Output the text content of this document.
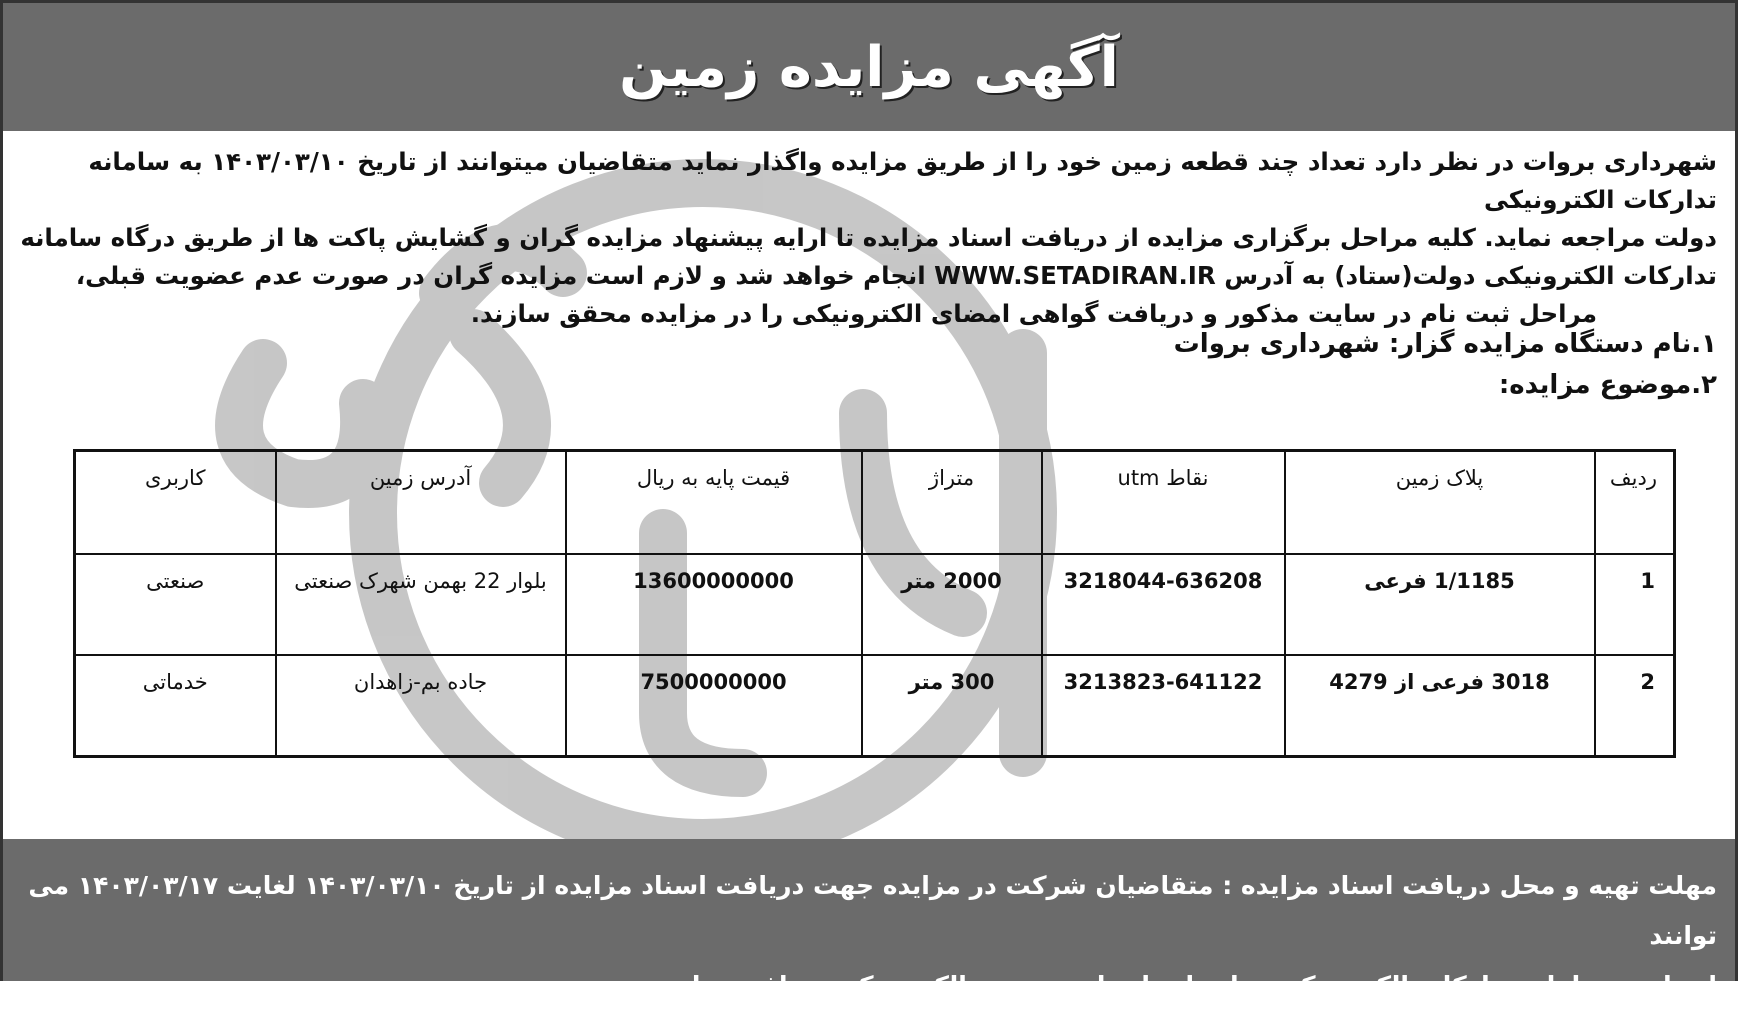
آگهی مزایده زمین

شهرداری بروات در نظر دارد تعداد چند قطعه زمین خود را از طریق مزایده واگذار نماید متقاضیان میتوانند از تاریخ ۱۴۰۳/۰۳/۱۰ به سامانه تدارکات الکترونیکی

دولت مراجعه نماید. کلیه مراحل برگزاری مزایده از دریافت اسناد مزایده تا ارایه پیشنهاد مزایده گران و گشایش پاکت ها از طریق درگاه سامانه

تدارکات الکترونیکی دولت(ستاد) به آدرس WWW.SETADIRAN.IR انجام خواهد شد و لازم است مزایده گران در صورت عدم عضویت قبلی،

مراحل ثبت نام در سایت مذکور و دریافت گواهی امضای الکترونیکی را در مزایده محقق سازند.

۱.نام دستگاه مزایده گزار: شهرداری بروات
۲.موضوع مزایده:
ردیف	پلاک زمین	نقاط utm	متراژ	قیمت پایه به ریال	آدرس زمین	کاربری
1	1/1185 فرعی	3218044-636208	2000 متر	13600000000	بلوار 22 بهمن شهرک صنعتی	صنعتی
2	3018 فرعی از 4279	3213823-641122	300 متر	7500000000	جاده بم-زاهدان	خدماتی

مهلت تهیه و محل دریافت اسناد مزایده : متقاضیان شرکت در مزایده جهت دریافت اسناد مزایده از تاریخ ۱۴۰۳/۰۳/۱۰ لغایت ۱۴۰۳/۰۳/۱۷ می توانند

از طریق سامانه تدارکات الکترونیکی دولت اسناد را به صورت الکترونیکی دریافت نمایند.
